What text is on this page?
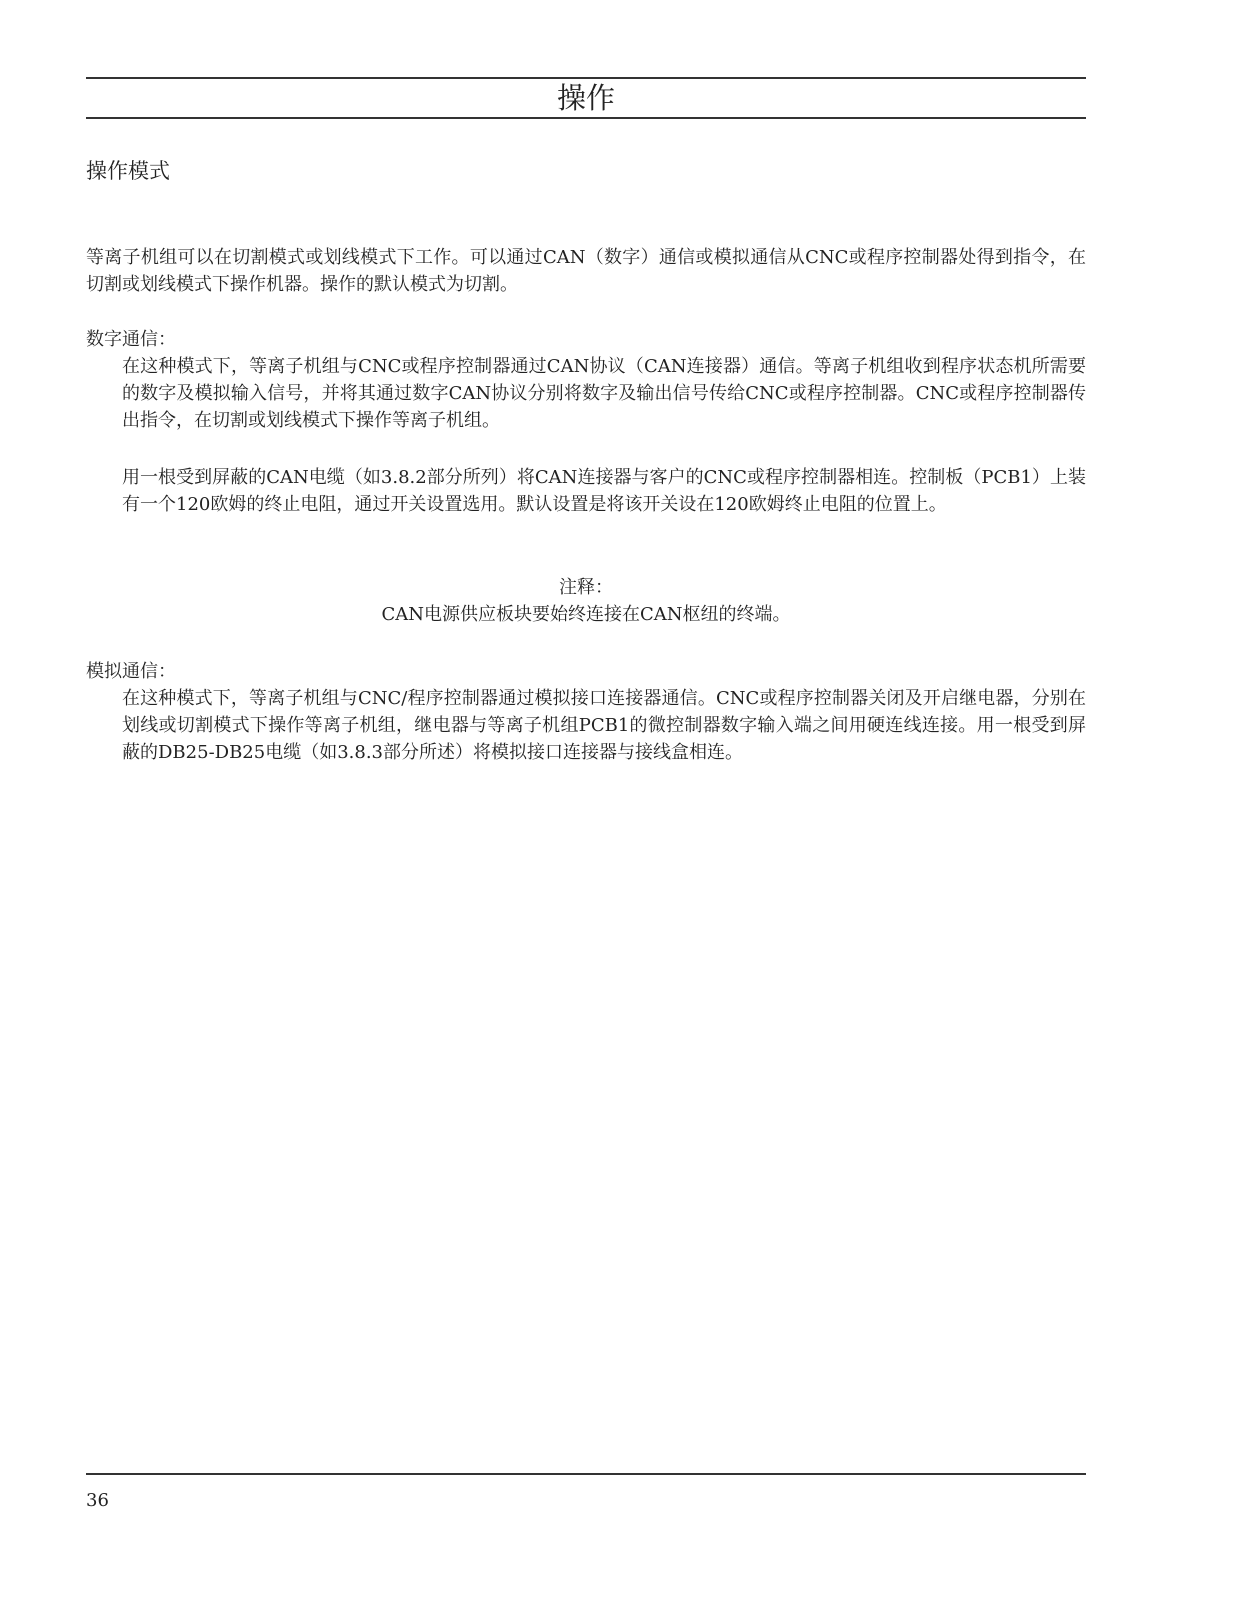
操作
操作模式

等离子机组可以在切割模式或划线模式下工作。可以通过CAN（数字）通信或模拟通信从CNC或程序控制器处得到指令，在切割或划线模式下操作机器。操作的默认模式为切割。

数字通信：

在这种模式下，等离子机组与CNC或程序控制器通过CAN协议（CAN连接器）通信。等离子机组收到程序状态机所需要的数字及模拟输入信号，并将其通过数字CAN协议分别将数字及输出信号传给CNC或程序控制器。CNC或程序控制器传出指令，在切割或划线模式下操作等离子机组。

用一根受到屏蔽的CAN电缆（如3.8.2部分所列）将CAN连接器与客户的CNC或程序控制器相连。控制板（PCB1）上装有一个120欧姆的终止电阻，通过开关设置选用。默认设置是将该开关设在120欧姆终止电阻的位置上。

注释：

CAN电源供应板块要始终连接在CAN枢纽的终端。

模拟通信：

在这种模式下，等离子机组与CNC/程序控制器通过模拟接口连接器通信。CNC或程序控制器关闭及开启继电器，分别在划线或切割模式下操作等离子机组，继电器与等离子机组PCB1的微控制器数字输入端之间用硬连线连接。用一根受到屏蔽的DB25-DB25电缆（如3.8.3部分所述）将模拟接口连接器与接线盒相连。

36
